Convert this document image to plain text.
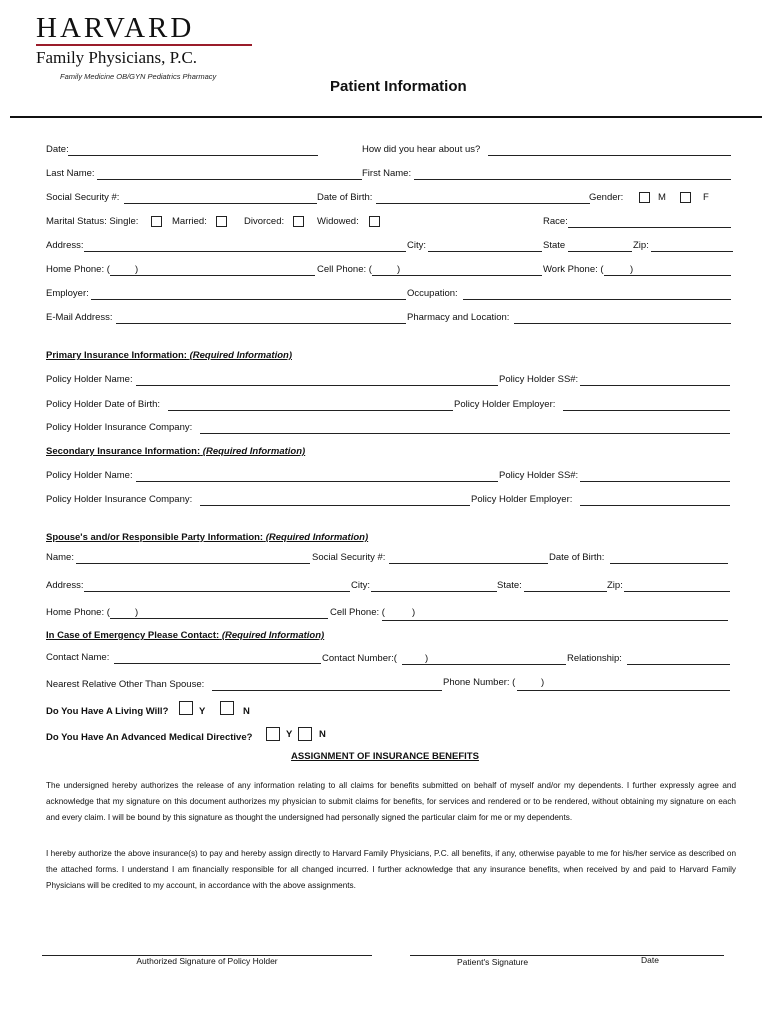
HARVARD
Family Physicians, P.C.
Family Medicine OB/GYN Pediatrics Pharmacy
Patient Information
Date:	How did you hear about us?
Last Name:	First Name:
Social Security #:	Date of Birth:	Gender:	M	F
Marital Status: Single:	Married:	Divorced:	Widowed:	Race:
Address:	City:	State	Zip:
Home Phone: (	)	Cell Phone: (	)	Work Phone: (	)
Employer:	Occupation:
E-Mail Address:	Pharmacy and Location:
Primary Insurance Information: (Required Information)
Policy Holder Name:	Policy Holder SS#:
Policy Holder Date of Birth:	Policy Holder Employer:
Policy Holder Insurance Company:
Secondary Insurance Information: (Required Information)
Policy Holder Name:	Policy Holder SS#:
Policy Holder Insurance Company:	Policy Holder Employer:
Spouse's and/or Responsible Party Information: (Required Information)
Name:	Social Security #:	Date of Birth:
Address:	City:	State:	Zip:
Home Phone: (	)	Cell Phone: (	)
In Case of Emergency Please Contact: (Required Information)
Contact Name:	Contact Number:(	)	Relationship:
Nearest Relative Other Than Spouse:	Phone Number: (	)
Do You Have A Living Will?	Y	N
Do You Have An Advanced Medical Directive?	Y	N
ASSIGNMENT OF INSURANCE BENEFITS
The undersigned hereby authorizes the release of any information relating to all claims for benefits submitted on behalf of myself and/or my dependents. I further expressly agree and acknowledge that my signature on this document authorizes my physician to submit claims for benefits, for services and rendered or to be rendered, without obtaining my signature on each and every claim. I will be bound by this signature as thought the undersigned had personally signed the particular claim for me or my dependents.
I hereby authorize the above insurance(s) to pay and hereby assign directly to Harvard Family Physicians, P.C. all benefits, if any, otherwise payable to me for his/her service as described on the attached forms. I understand I am financially responsible for all changed incurred. I further acknowledge that any insurance benefits, when received by and paid to Harvard Family Physicians will be credited to my account, in accordance with the above assignments.
Authorized Signature of Policy Holder	Patient's Signature	Date
